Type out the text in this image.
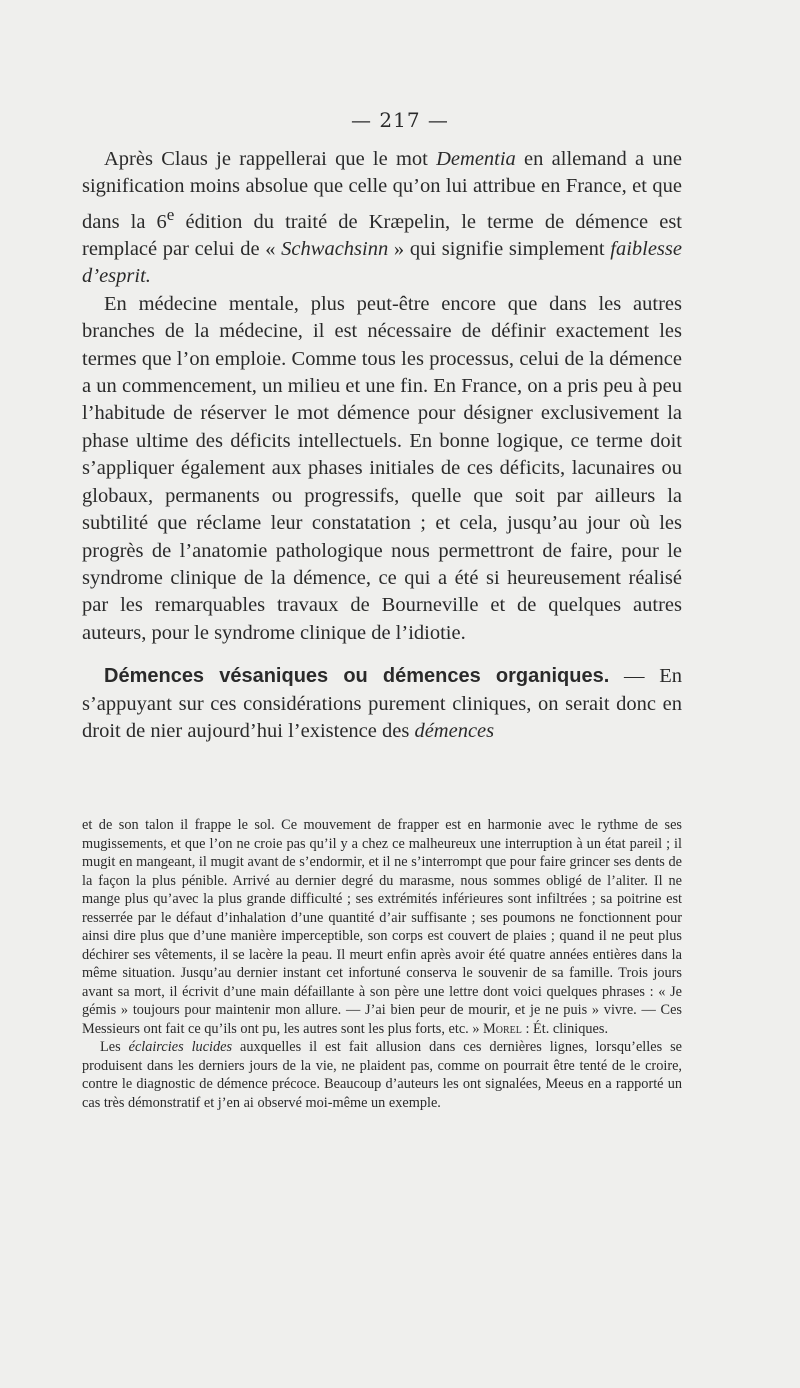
— 217 —

Après Claus je rappellerai que le mot Dementia en allemand a une signification moins absolue que celle qu’on lui attribue en France, et que dans la 6e édition du traité de Kræpelin, le terme de démence est remplacé par celui de « Schwachsinn » qui signifie simplement faiblesse d’esprit.

En médecine mentale, plus peut-être encore que dans les autres branches de la médecine, il est nécessaire de définir exactement les termes que l’on emploie. Comme tous les processus, celui de la démence a un commencement, un milieu et une fin. En France, on a pris peu à peu l’habitude de réserver le mot démence pour désigner exclusivement la phase ultime des déficits intellectuels. En bonne logique, ce terme doit s’appliquer également aux phases initiales de ces déficits, lacunaires ou globaux, permanents ou progressifs, quelle que soit par ailleurs la subtilité que réclame leur constatation ; et cela, jusqu’au jour où les progrès de l’anatomie pathologique nous permettront de faire, pour le syndrome clinique de la démence, ce qui a été si heureusement réalisé par les remarquables travaux de Bourneville et de quelques autres auteurs, pour le syndrome clinique de l’idiotie.

Démences vésaniques ou démences organiques. — En s’appuyant sur ces considérations purement cliniques, on serait donc en droit de nier aujourd’hui l’existence des démences

et de son talon il frappe le sol. Ce mouvement de frapper est en harmonie avec le rythme de ses mugissements, et que l’on ne croie pas qu’il y a chez ce malheureux une interruption à un état pareil ; il mugit en mangeant, il mugit avant de s’endormir, et il ne s’interrompt que pour faire grincer ses dents de la façon la plus pénible. Arrivé au dernier degré du marasme, nous sommes obligé de l’aliter. Il ne mange plus qu’avec la plus grande difficulté ; ses extrémités inférieures sont infiltrées ; sa poitrine est resserrée par le défaut d’inhalation d’une quantité d’air suffisante ; ses poumons ne fonctionnent pour ainsi dire plus que d’une manière imperceptible, son corps est couvert de plaies ; quand il ne peut plus déchirer ses vêtements, il se lacère la peau. Il meurt enfin après avoir été quatre années entières dans la même situation. Jusqu’au dernier instant cet infortuné conserva le souvenir de sa famille. Trois jours avant sa mort, il écrivit d’une main défaillante à son père une lettre dont voici quelques phrases : « Je gémis » toujours pour maintenir mon allure. — J’ai bien peur de mourir, et je ne puis » vivre. — Ces Messieurs ont fait ce qu’ils ont pu, les autres sont les plus forts, etc. » Morel : Ét. cliniques.

Les éclaircies lucides auxquelles il est fait allusion dans ces dernières lignes, lorsqu’elles se produisent dans les derniers jours de la vie, ne plaident pas, comme on pourrait être tenté de le croire, contre le diagnostic de démence précoce. Beaucoup d’auteurs les ont signalées, Meeus en a rapporté un cas très démonstratif et j’en ai observé moi-même un exemple.
